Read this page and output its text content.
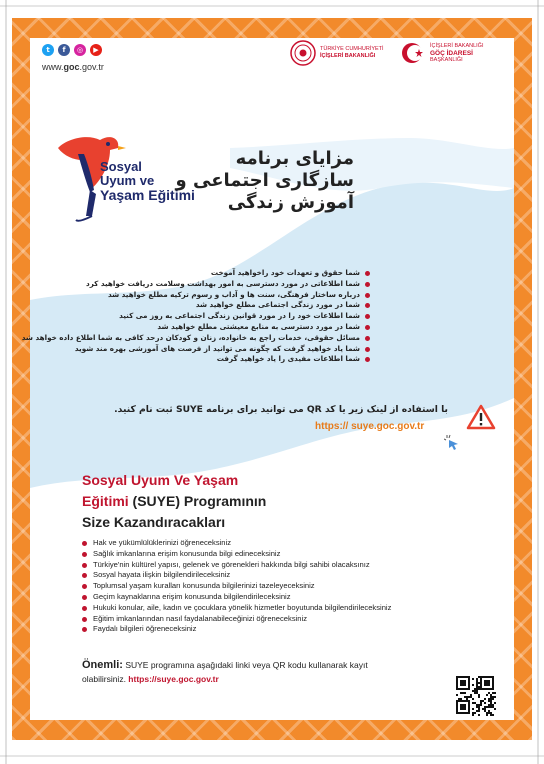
t	f	◎	▶
www.goc.gov.tr
TÜRKİYE CUMHURİYETİ
İÇİŞLERİ BAKANLIĞI
İÇİŞLERİ BAKANLIĞI
GÖÇ İDARESİ
BAŞKANLIĞI
Sosyal
Uyum ve
Yaşam Eğitimi
مزایای برنامه
سازگاری اجتماعی و
آموزش زندگی
شما حقوق و تعهدات خود راخواهید آموخت
شما اطلاعاتی در مورد دسترسی به امور بهداشت وسلامت دریافت خواهید کرد
درباره ساختار فرهنگی، سنت ها و آداب و رسوم ترکیه مطلع خواهید شد
شما در مورد زندگی اجتماعی مطلع خواهید شد
شما اطلاعات خود را در مورد قوانین زندگی اجتماعی به روز می کنید
شما در مورد دسترسی به منابع معیشتی مطلع خواهید شد
مسائل حقوقی، خدمات راجع به خانواده، زنان و کودکان درحد کافی به شما اطلاع داده خواهد شد
شما یاد خواهید گرفت که چگونه می توانید از فرصت های آموزشی بهره مند شوید
شما اطلاعات مفیدی را یاد خواهید گرفت
با استفاده از لینک زیر یا کد QR می توانید برای برنامه SUYE ثبت نام کنید.
https:// suye.goc.gov.tr
Sosyal Uyum Ve Yaşam
Eğitimi (SUYE) Programının
Size Kazandıracakları
Hak ve yükümlülüklerinizi öğreneceksiniz
Sağlık imkanlarına erişim konusunda bilgi edineceksiniz
Türkiye'nin kültürel yapısı, gelenek ve görenekleri hakkında bilgi sahibi olacaksınız
Sosyal hayata ilişkin bilgilendirileceksiniz
Toplumsal yaşam kuralları konusunda bilgilerinizi tazeleyeceksiniz
Geçim kaynaklarına erişim konusunda bilgilendirileceksiniz
Hukuki konular, aile, kadın ve çocuklara yönelik hizmetler boyutunda bilgilendirileceksiniz
Eğitim imkanlarından nasıl faydalanabileceğinizi öğreneceksiniz
Faydalı bilgileri öğreneceksiniz
Önemli: SUYE programına aşağıdaki linki veya QR kodu kullanarak kayıt olabilirsiniz. https://suye.goc.gov.tr
